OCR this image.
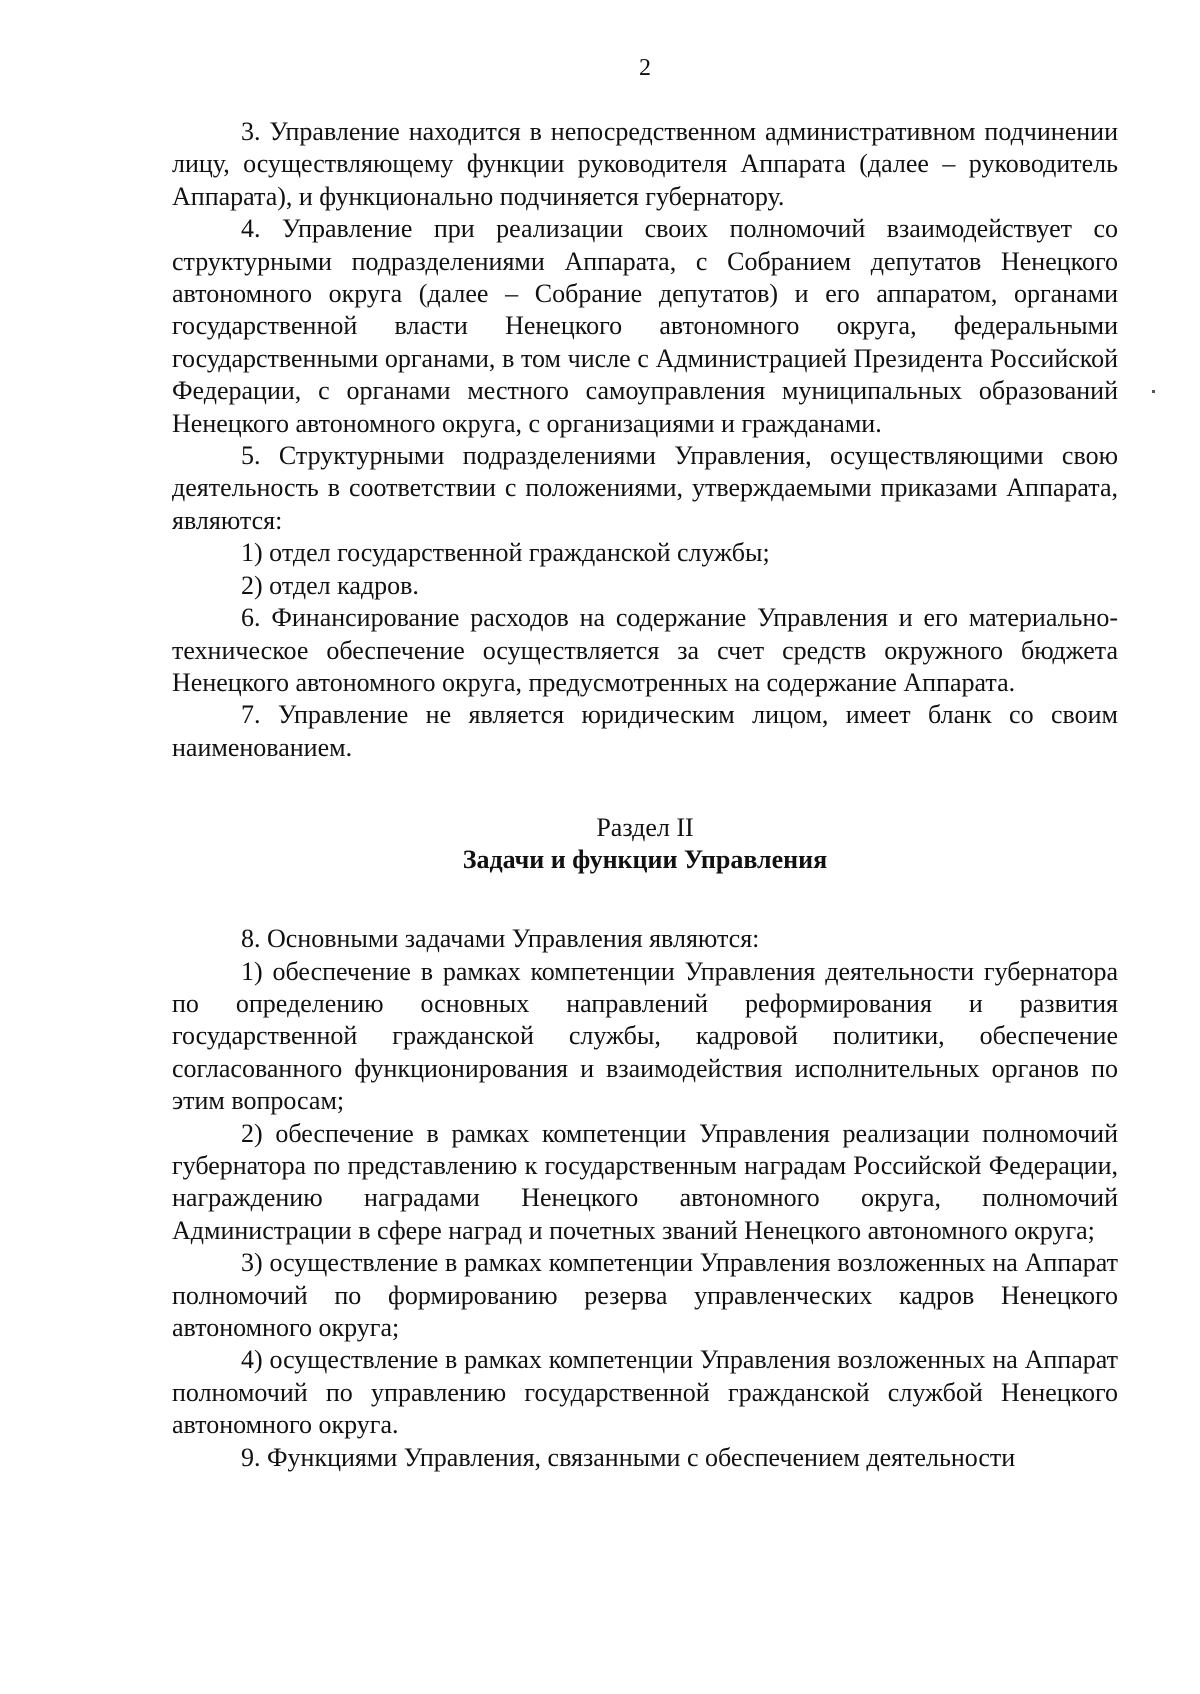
2

3. Управление находится в непосредственном административном подчинении лицу, осуществляющему функции руководителя Аппарата (далее – руководитель Аппарата), и функционально подчиняется губернатору.

4. Управление при реализации своих полномочий взаимодействует со структурными подразделениями Аппарата, с Собранием депутатов Ненецкого автономного округа (далее – Собрание депутатов) и его аппаратом, органами государственной власти Ненецкого автономного округа, федеральными государственными органами, в том числе с Администрацией Президента Российской Федерации, с органами местного самоуправления муниципальных образований Ненецкого автономного округа, с организациями и гражданами.

5. Структурными подразделениями Управления, осуществляющими свою деятельность в соответствии с положениями, утверждаемыми приказами Аппарата, являются:

1) отдел государственной гражданской службы;

2) отдел кадров.

6. Финансирование расходов на содержание Управления и его материально-техническое обеспечение осуществляется за счет средств окружного бюджета Ненецкого автономного округа, предусмотренных на содержание Аппарата.

7. Управление не является юридическим лицом, имеет бланк со своим наименованием.

Раздел II
Задачи и функции Управления

8. Основными задачами Управления являются:

1) обеспечение в рамках компетенции Управления деятельности губернатора по определению основных направлений реформирования и развития государственной гражданской службы, кадровой политики, обеспечение согласованного функционирования и взаимодействия исполнительных органов по этим вопросам;

2) обеспечение в рамках компетенции Управления реализации полномочий губернатора по представлению к государственным наградам Российской Федерации, награждению наградами Ненецкого автономного округа, полномочий Администрации в сфере наград и почетных званий Ненецкого автономного округа;

3) осуществление в рамках компетенции Управления возложенных на Аппарат полномочий по формированию резерва управленческих кадров Ненецкого автономного округа;

4) осуществление в рамках компетенции Управления возложенных на Аппарат полномочий по управлению государственной гражданской службой Ненецкого автономного округа.

9. Функциями Управления, связанными с обеспечением деятельности
